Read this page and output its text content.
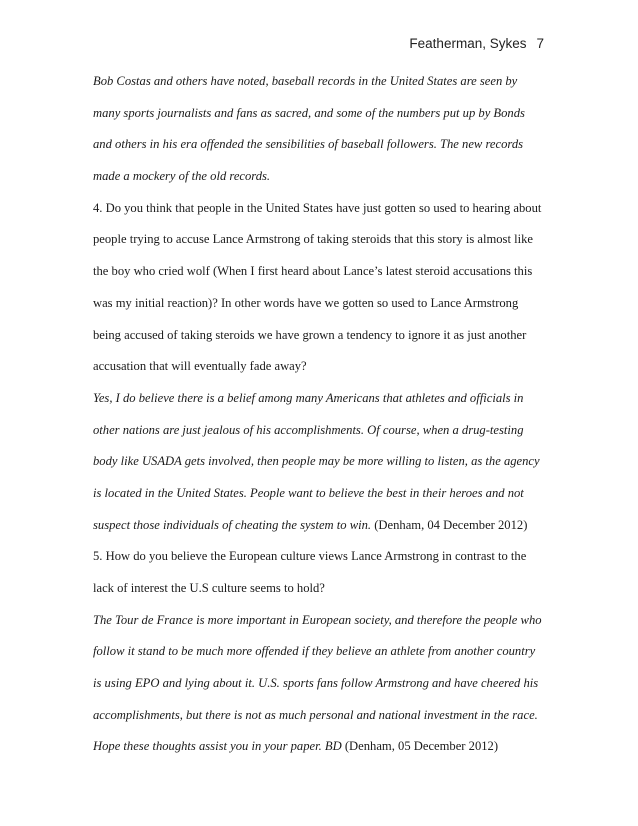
Featherman, Sykes 7
Bob Costas and others have noted, baseball records in the United States are seen by
many sports journalists and fans as sacred, and some of the numbers put up by Bonds
and others in his era offended the sensibilities of baseball followers. The new records
made a mockery of the old records.
4. Do you think that people in the United States have just gotten so used to hearing about
people trying to accuse Lance Armstrong of taking steroids that this story is almost like
the boy who cried wolf (When I first heard about Lance’s latest steroid accusations this
was my initial reaction)? In other words have we gotten so used to Lance Armstrong
being accused of taking steroids we have grown a tendency to ignore it as just another
accusation that will eventually fade away?
Yes, I do believe there is a belief among many Americans that athletes and officials in
other nations are just jealous of his accomplishments. Of course, when a drug-testing
body like USADA gets involved, then people may be more willing to listen, as the agency
is located in the United States. People want to believe the best in their heroes and not
suspect those individuals of cheating the system to win. (Denham, 04 December 2012)
5. How do you believe the European culture views Lance Armstrong in contrast to the
lack of interest the U.S culture seems to hold?
The Tour de France is more important in European society, and therefore the people who
follow it stand to be much more offended if they believe an athlete from another country
is using EPO and lying about it. U.S. sports fans follow Armstrong and have cheered his
accomplishments, but there is not as much personal and national investment in the race.
Hope these thoughts assist you in your paper. BD (Denham, 05 December 2012)
